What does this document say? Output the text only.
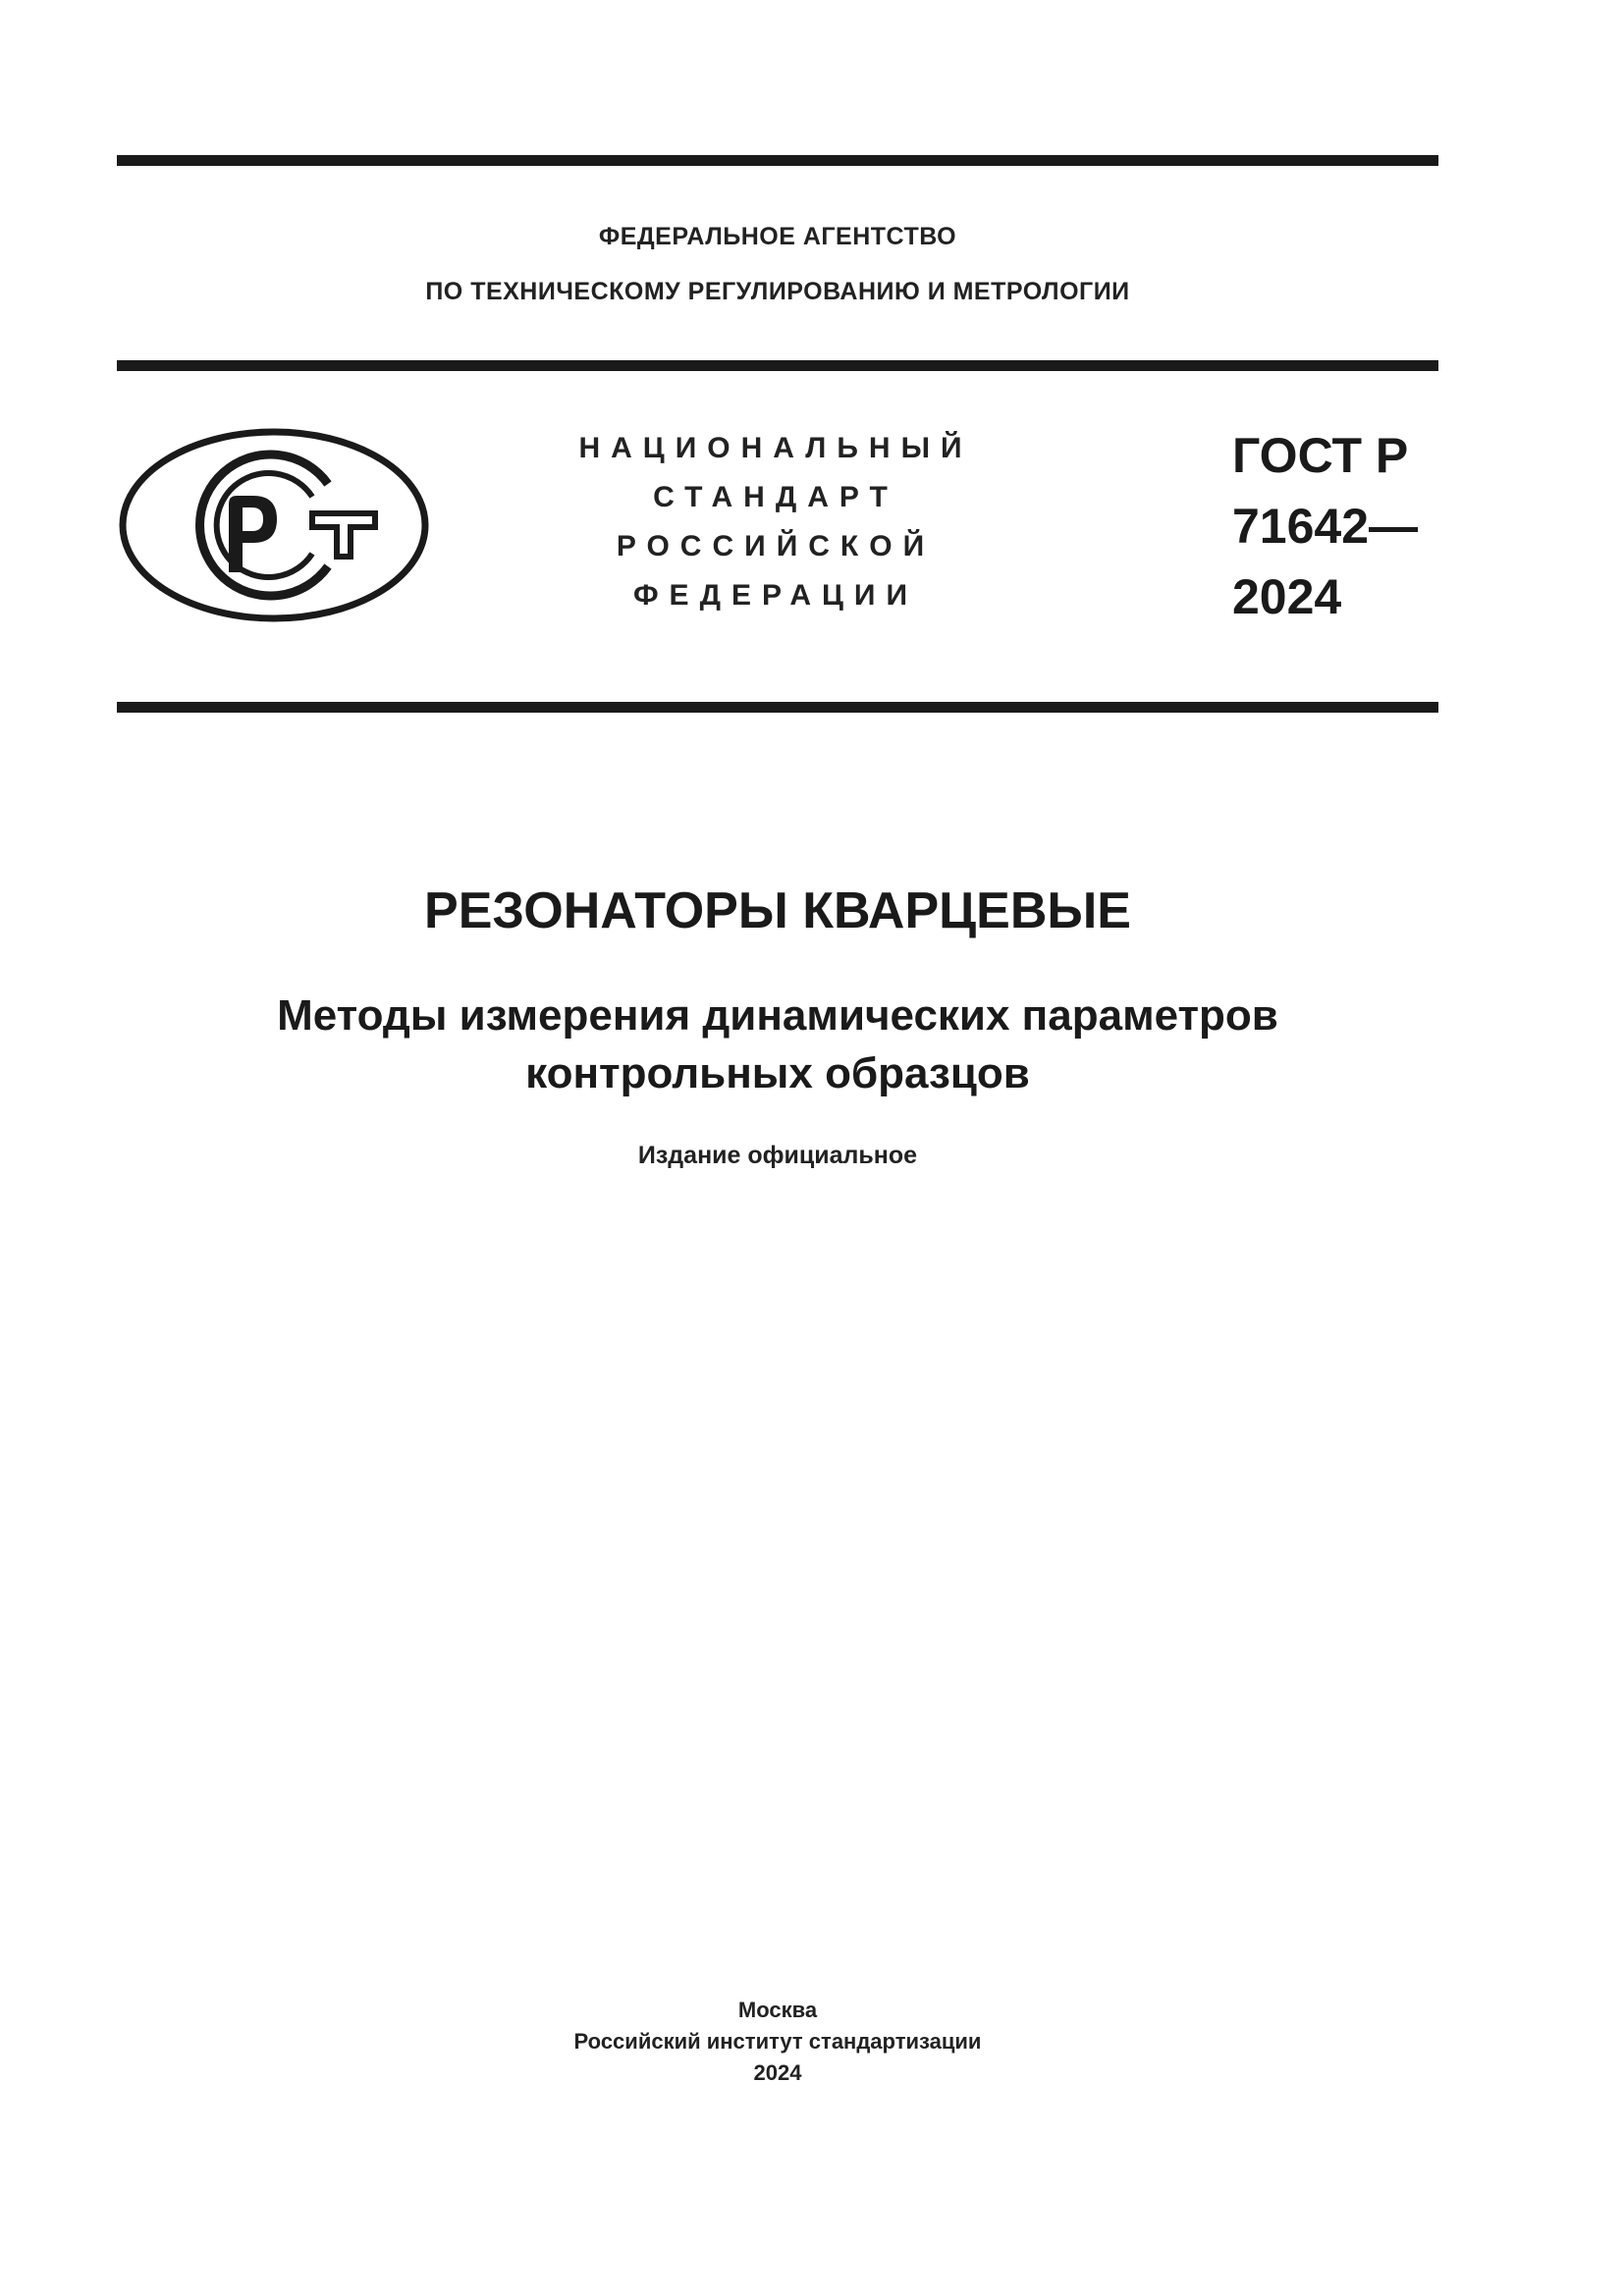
ФЕДЕРАЛЬНОЕ АГЕНТСТВО
ПО ТЕХНИЧЕСКОМУ РЕГУЛИРОВАНИЮ И МЕТРОЛОГИИ
НАЦИОНАЛЬНЫЙ
СТАНДАРТ
РОССИЙСКОЙ
ФЕДЕРАЦИИ
ГОСТ Р
71642—
2024
РЕЗОНАТОРЫ КВАРЦЕВЫЕ
Методы измерения динамических параметров
контрольных образцов
Издание официальное
Москва
Российский институт стандартизации
2024
